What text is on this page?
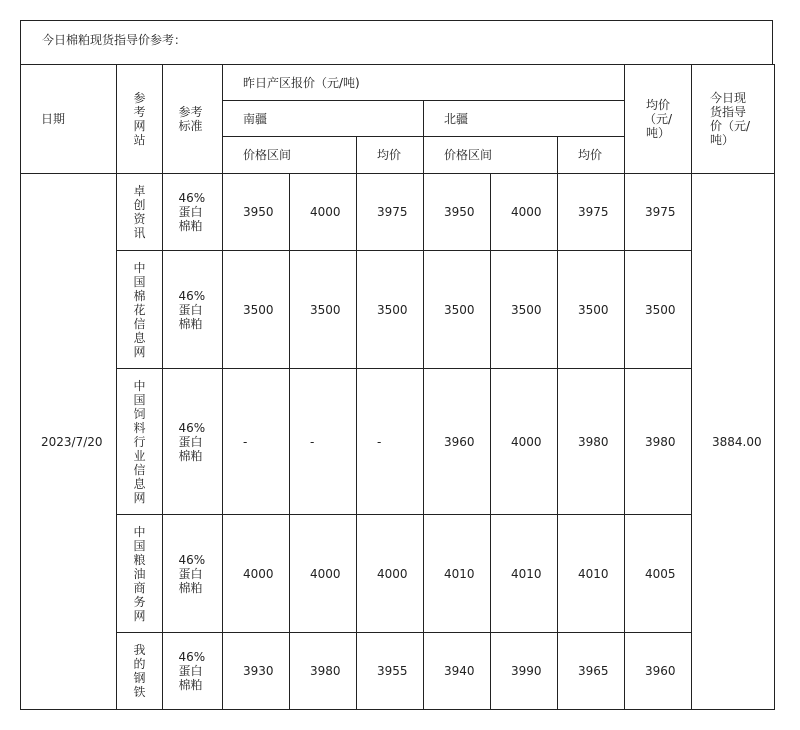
今日棉粕现货指导价参考：
日期	参考网站	参考标准	昨日产区报价（元/吨)						均价（元/吨）	今日现货指导价（元/吨）
			南疆			北疆				
			价格区间		均价	价格区间		均价		
2023/7/20	卓创资讯	46%蛋白棉粕	3950	4000	3975	3950	4000	3975	3975	3884.00
	中国棉花信息网	46%蛋白棉粕	3500	3500	3500	3500	3500	3500	3500	
	中国饲料行业信息网	46%蛋白棉粕	-	-	-	3960	4000	3980	3980	
	中国粮油商务网	46%蛋白棉粕	4000	4000	4000	4010	4010	4010	4005	
	我的钢铁	46%蛋白棉粕	3930	3980	3955	3940	3990	3965	3960	
